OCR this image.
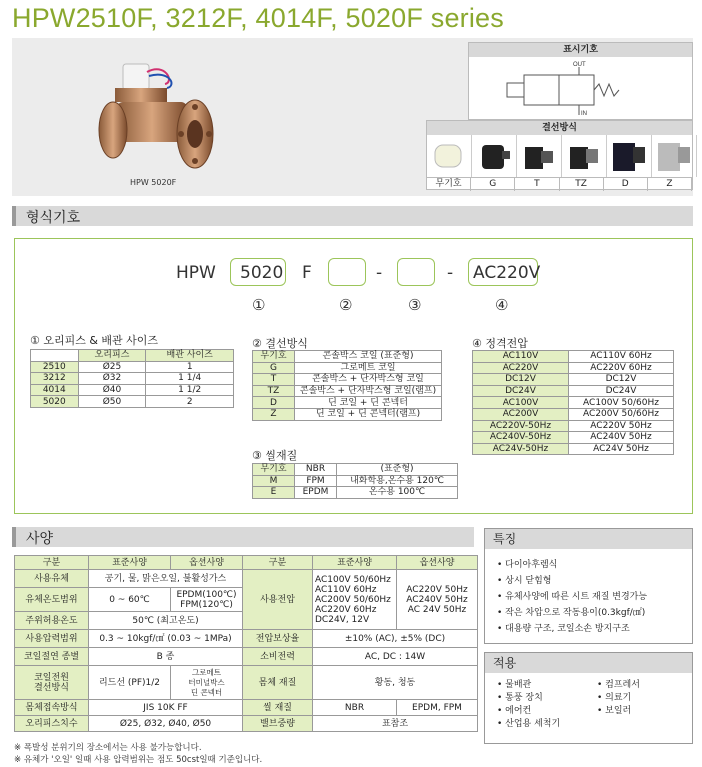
HPW2510F, 3212F, 4014F, 5020F series
HPW 5020F
표시기호
OUT
IN
결선방식
무기호	G	T	TZ	D	Z
형식기호
HPW 5020 F	-	- AC220V
①	②	③	④
① 오리피스 & 배관 사이즈
	오리피스	배관 사이즈
2510	Ø25	1
3212	Ø32	1 1/4
4014	Ø40	1 1/2
5020	Ø50	2
② 결선방식
무기호	콘솔박스 코일 (표준형)
G	그로메트 코일
T	콘솔박스 + 단자박스형 코일
TZ	콘솔박스 + 단자박스형 코일(램프)
D	딘 코일 + 딘 콘넥터
Z	딘 코일 + 딘 콘넥터(램프)
③ 씰재질
무기호	NBR	(표준형)
M	FPM	내화학용,온수용 120℃
E	EPDM	온수용 100℃
④ 정격전압
AC110V	AC110V 60Hz
AC220V	AC220V 60Hz
DC12V	DC12V
DC24V	DC24V
AC100V	AC100V 50/60Hz
AC200V	AC200V 50/60Hz
AC220V-50Hz	AC220V 50Hz
AC240V-50Hz	AC240V 50Hz
AC24V-50Hz	AC24V 50Hz
사양
구분	표준사양	옵션사양	구분	표준사양	옵션사양
사용유체	공기, 물, 맑은오일, 불활성가스		사용전압	AC100V 50/60Hz
AC110V 60Hz
AC200V 50/60Hz
AC220V 60Hz
DC24V, 12V	AC220V 50Hz
AC240V 50Hz
AC 24V 50Hz
유체온도범위	0 ~ 60℃	EPDM(100℃)
FPM(120℃)			
주위허용온도	50℃ (최고온도)				
사용압력범위	0.3 ~ 10kgf/㎠ (0.03 ~ 1MPa)		전압보상율	±10% (AC), ±5% (DC)	
코일절연 종별	B 종		소비전력	AC, DC : 14W	
코일전원
결선방식	리드선 (PF)1/2	그로메트
터미널박스
딘 콘넥터	몸체 재질	황동, 청동	
몸체접속방식	JIS 10K FF		씰 재질	NBR	EPDM, FPM
오리피스치수	Ø25, Ø32, Ø40, Ø50		밸브중량	표참조	
※ 폭발성 분위기의 장소에서는 사용 불가능합니다.
※ 유체가 '오일' 일때 사용 압력범위는 점도 50cst일때 기준입니다.
특징
• 다이아후렘식
• 상시 닫힘형
• 유체사양에 따른 시트 재질 변경가능
• 작은 차압으로 작동용이(0.3kgf/㎠)
• 대용량 구조, 코일소손 방지구조
적용
• 물배관	• 컴프레서
• 통풍 장치	• 의료기
• 에어컨	• 보일러
• 산업용 세척기
